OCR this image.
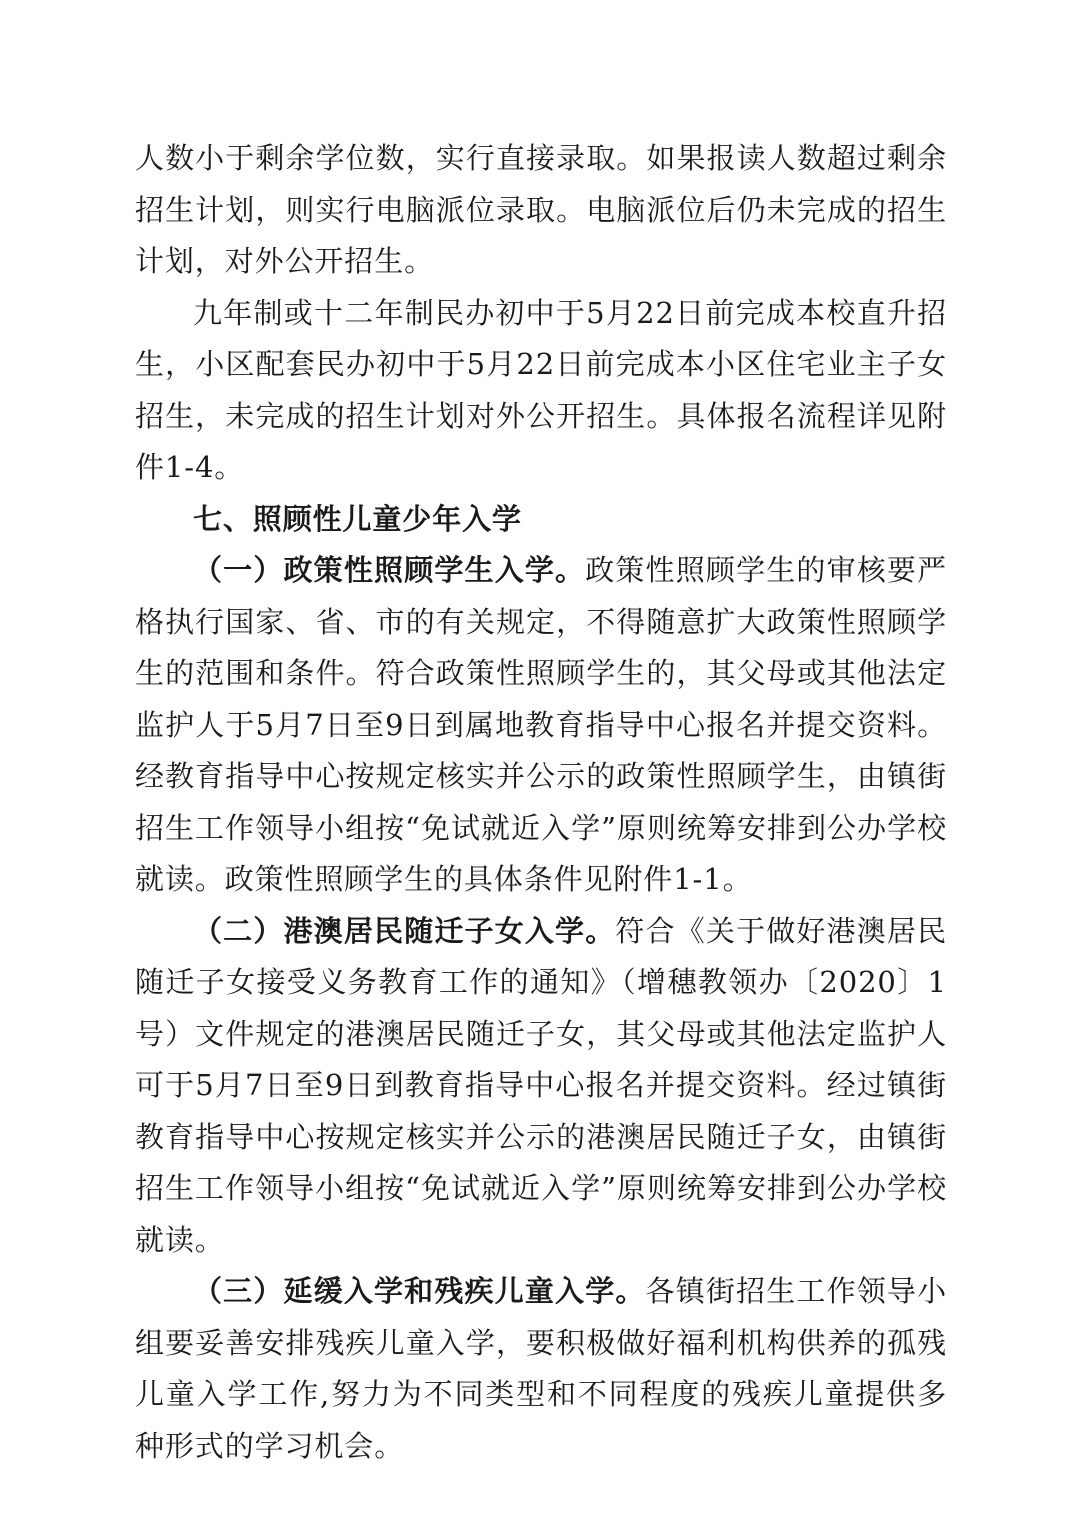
人数小于剩余学位数，实行直接录取。如果报读人数超过剩余招生计划，则实行电脑派位录取。电脑派位后仍未完成的招生计划，对外公开招生。

九年制或十二年制民办初中于5月22日前完成本校直升招生，小区配套民办初中于5月22日前完成本小区住宅业主子女招生，未完成的招生计划对外公开招生。具体报名流程详见附件1-4。

七、照顾性儿童少年入学

（一）政策性照顾学生入学。政策性照顾学生的审核要严格执行国家、省、市的有关规定，不得随意扩大政策性照顾学生的范围和条件。符合政策性照顾学生的，其父母或其他法定监护人于5月7日至9日到属地教育指导中心报名并提交资料。经教育指导中心按规定核实并公示的政策性照顾学生，由镇街招生工作领导小组按“免试就近入学”原则统筹安排到公办学校就读。政策性照顾学生的具体条件见附件1-1。

（二）港澳居民随迁子女入学。符合《关于做好港澳居民随迁子女接受义务教育工作的通知》（增穗教领办〔2020〕1号）文件规定的港澳居民随迁子女，其父母或其他法定监护人可于5月7日至9日到教育指导中心报名并提交资料。经过镇街教育指导中心按规定核实并公示的港澳居民随迁子女，由镇街招生工作领导小组按“免试就近入学”原则统筹安排到公办学校就读。

（三）延缓入学和残疾儿童入学。各镇街招生工作领导小组要妥善安排残疾儿童入学，要积极做好福利机构供养的孤残儿童入学工作,努力为不同类型和不同程度的残疾儿童提供多种形式的学习机会。
